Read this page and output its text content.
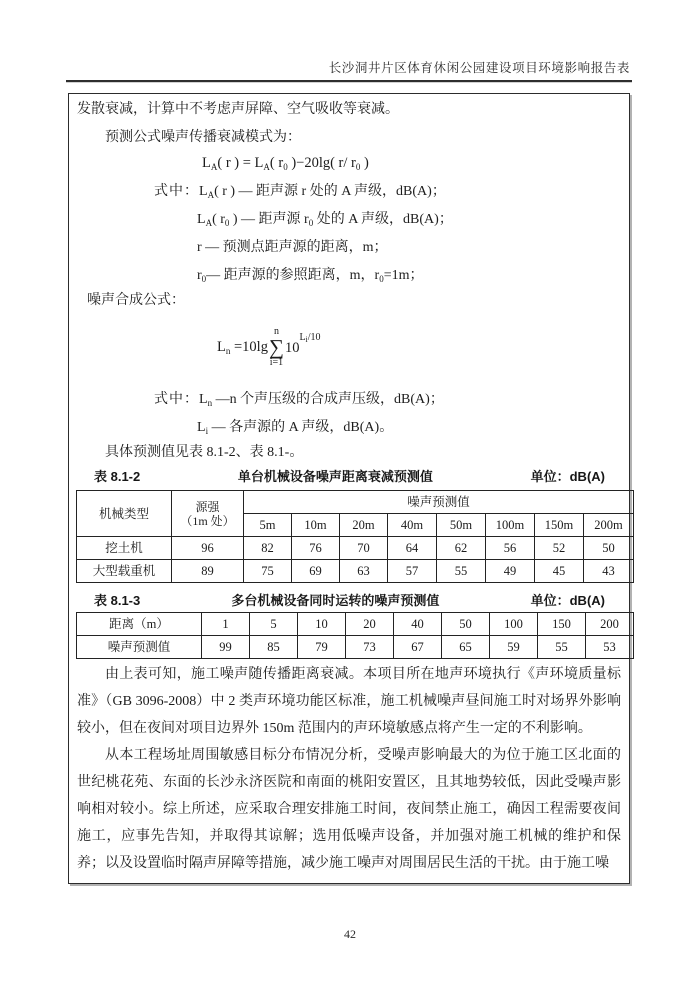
长沙洞井片区体育休闲公园建设项目环境影响报告表

发散衰减，计算中不考虑声屏障、空气吸收等衰减。

预测公式噪声传播衰减模式为：

$L_A$( r ) = $L_A$( $r_0$ )−20lg( r/ $r_0$ )
式中：$L_A$( r ) — 距声源 r 处的 A 声级，dB(A)；
$L_A$( $r_0$ ) — 距声源 $r_0$ 处的 A 声级，dB(A)；
r — 预测点距声源的距离，m；
$r_0—$ 距声源的参照距离，m，$r_0=1m$；

噪声合成公式：

$L_n =10\lg$
n
∑
i=1
$10^{L_i/10}$
式中：$L_n$ —n 个声压级的合成声压级，dB(A)；
$L_i$ — 各声源的 A 声级，dB(A)。

具体预测值见表 8.1-2、表 8.1-。

表 8.1-2	单台机械设备噪声距离衰减预测值	单位：dB(A)
机械类型	源强
（1m 处）	噪声预测值							
		5m	10m	20m	40m	50m	100m	150m	200m
挖土机	96	82	76	70	64	62	56	52	50
大型载重机	89	75	69	63	57	55	49	45	43
表 8.1-3	多台机械设备同时运转的噪声预测值	单位：dB(A)
距离（m）	1	5	10	20	40	50	100	150	200
噪声预测值	99	85	79	73	67	65	59	55	53

由上表可知，施工噪声随传播距离衰减。本项目所在地声环境执行《声环境质量标准》（GB 3096-2008）中 2 类声环境功能区标准，施工机械噪声昼间施工时对场界外影响较小，但在夜间对项目边界外 150m 范围内的声环境敏感点将产生一定的不利影响。

从本工程场址周围敏感目标分布情况分析，受噪声影响最大的为位于施工区北面的世纪桃花苑、东面的长沙永济医院和南面的桃阳安置区，且其地势较低，因此受噪声影响相对较小。综上所述，应采取合理安排施工时间，夜间禁止施工，确因工程需要夜间施工，应事先告知，并取得其谅解；选用低噪声设备，并加强对施工机械的维护和保养；以及设置临时隔声屏障等措施，减少施工噪声对周围居民生活的干扰。由于施工噪

42
